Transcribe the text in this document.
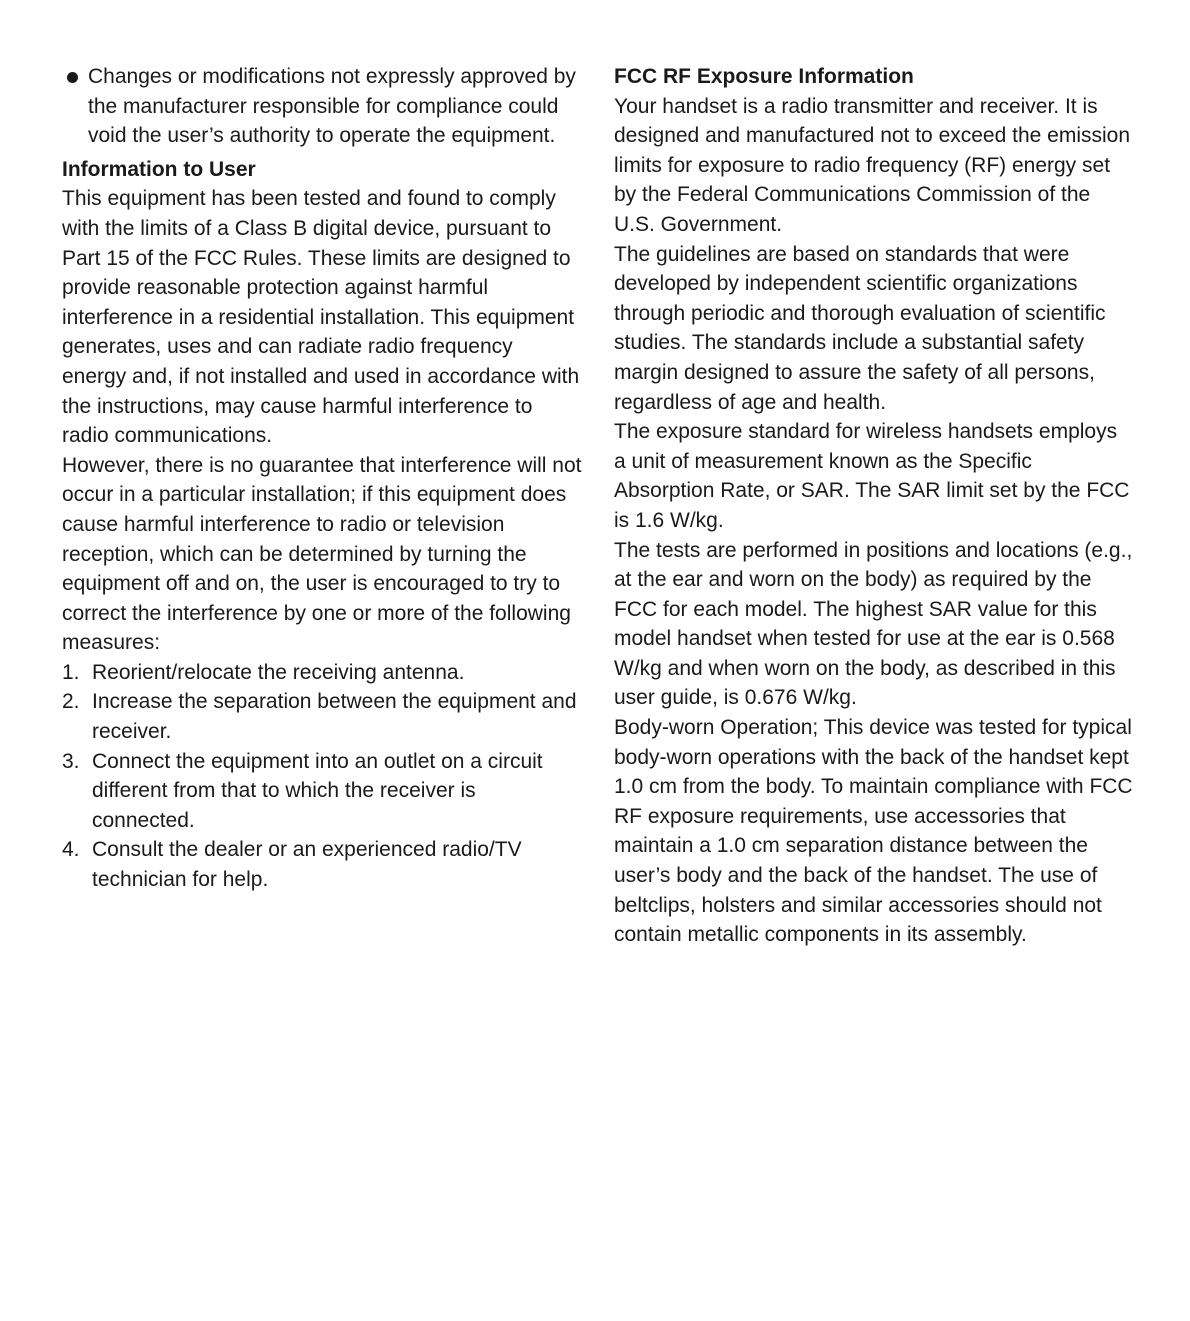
Changes or modifications not expressly approved by the manufacturer responsible for compliance could void the user’s authority to operate the equipment.
Information to User

This equipment has been tested and found to comply with the limits of a Class B digital device, pursuant to Part 15 of the FCC Rules. These limits are designed to provide reasonable protection against harmful interference in a residential installation. This equipment generates, uses and can radiate radio frequency energy and, if not installed and used in accordance with the instructions, may cause harmful interference to radio communications.

However, there is no guarantee that interference will not occur in a particular installation; if this equipment does cause harmful interference to radio or television reception, which can be determined by turning the equipment off and on, the user is encouraged to try to correct the interference by one or more of the following measures:

1. Reorient/relocate the receiving antenna.
2. Increase the separation between the equipment and receiver.
3. Connect the equipment into an outlet on a circuit different from that to which the receiver is connected.
4. Consult the dealer or an experienced radio/TV technician for help.
FCC RF Exposure Information

Your handset is a radio transmitter and receiver. It is designed and manufactured not to exceed the emission limits for exposure to radio frequency (RF) energy set by the Federal Communications Commission of the U.S. Government.

The guidelines are based on standards that were developed by independent scientific organizations through periodic and thorough evaluation of scientific studies. The standards include a substantial safety margin designed to assure the safety of all persons, regardless of age and health.

The exposure standard for wireless handsets employs a unit of measurement known as the Specific Absorption Rate, or SAR. The SAR limit set by the FCC is 1.6 W/kg.

The tests are performed in positions and locations (e.g., at the ear and worn on the body) as required by the FCC for each model. The highest SAR value for this model handset when tested for use at the ear is 0.568 W/kg and when worn on the body, as described in this user guide, is 0.676 W/kg.

Body-worn Operation; This device was tested for typical body-worn operations with the back of the handset kept 1.0 cm from the body. To maintain compliance with FCC RF exposure requirements, use accessories that maintain a 1.0 cm separation distance between the user’s body and the back of the handset. The use of beltclips, holsters and similar accessories should not contain metallic components in its assembly.
